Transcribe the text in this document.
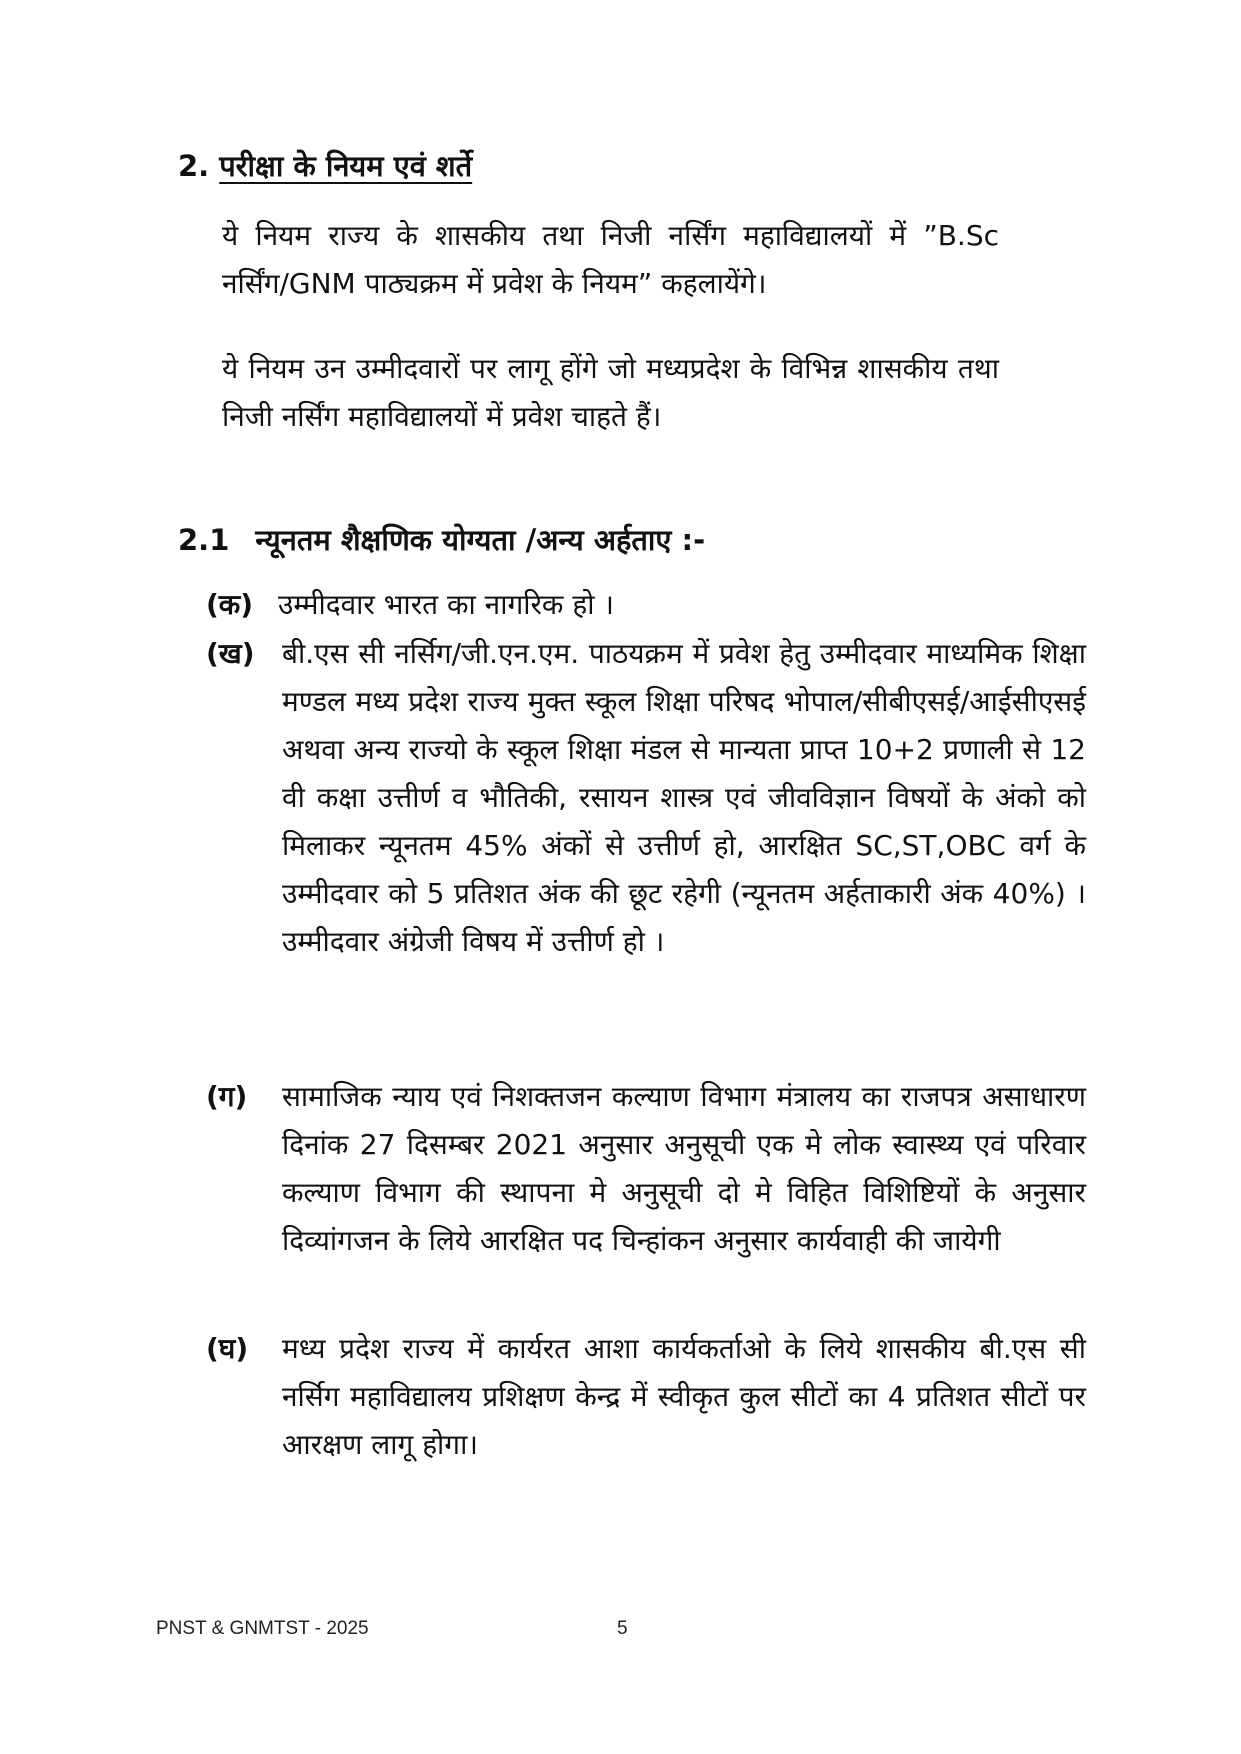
2. परीक्षा के नियम एवं शर्ते
ये नियम राज्य के शासकीय तथा निजी नर्सिंग महाविद्यालयों में ”B.Sc नर्सिंग/GNM पाठ्यक्रम में प्रवेश के नियम” कहलायेंगे।
ये नियम उन उम्मीदवारों पर लागू होंगे जो मध्यप्रदेश के विभिन्न शासकीय तथा निजी नर्सिंग महाविद्यालयों में प्रवेश चाहते हैं।
2.1 न्यूनतम शैक्षणिक योग्यता /अन्य अर्हताए :-
(क) उम्मीदवार भारत का नागरिक हो ।
(ख) बी.एस सी नर्सिग/जी.एन.एम. पाठयक्रम में प्रवेश हेतु उम्मीदवार माध्यमिक शिक्षा मण्डल मध्य प्रदेश राज्य मुक्त स्कूल शिक्षा परिषद भोपाल/सीबीएसई/आईसीएसई अथवा अन्य राज्यो के स्कूल शिक्षा मंडल से मान्यता प्राप्त 10+2 प्रणाली से 12 वी कक्षा उत्तीर्ण व भौतिकी, रसायन शास्त्र एवं जीवविज्ञान विषयों के अंको को मिलाकर न्यूनतम 45% अंकों से उत्तीर्ण हो, आरक्षित SC,ST,OBC वर्ग के उम्मीदवार को 5 प्रतिशत अंक की छूट रहेगी (न्यूनतम अर्हताकारी अंक 40%) । उम्मीदवार अंग्रेजी विषय में उत्तीर्ण हो ।
(ग) सामाजिक न्याय एवं निशक्तजन कल्याण विभाग मंत्रालय का राजपत्र असाधारण दिनांक 27 दिसम्बर 2021 अनुसार अनुसूची एक मे लोक स्वास्थ्य एवं परिवार कल्याण विभाग की स्थापना मे अनुसूची दो मे विहित विशिष्टियों के अनुसार दिव्यांगजन के लिये आरक्षित पद चिन्हांकन अनुसार कार्यवाही की जायेगी
(घ) मध्य प्रदेश राज्य में कार्यरत आशा कार्यकर्ताओ के लिये शासकीय बी.एस सी नर्सिग महाविद्यालय प्रशिक्षण केन्द्र में स्वीकृत कुल सीटों का 4 प्रतिशत सीटों पर आरक्षण लागू होगा।
PNST & GNMTST - 2025	5
